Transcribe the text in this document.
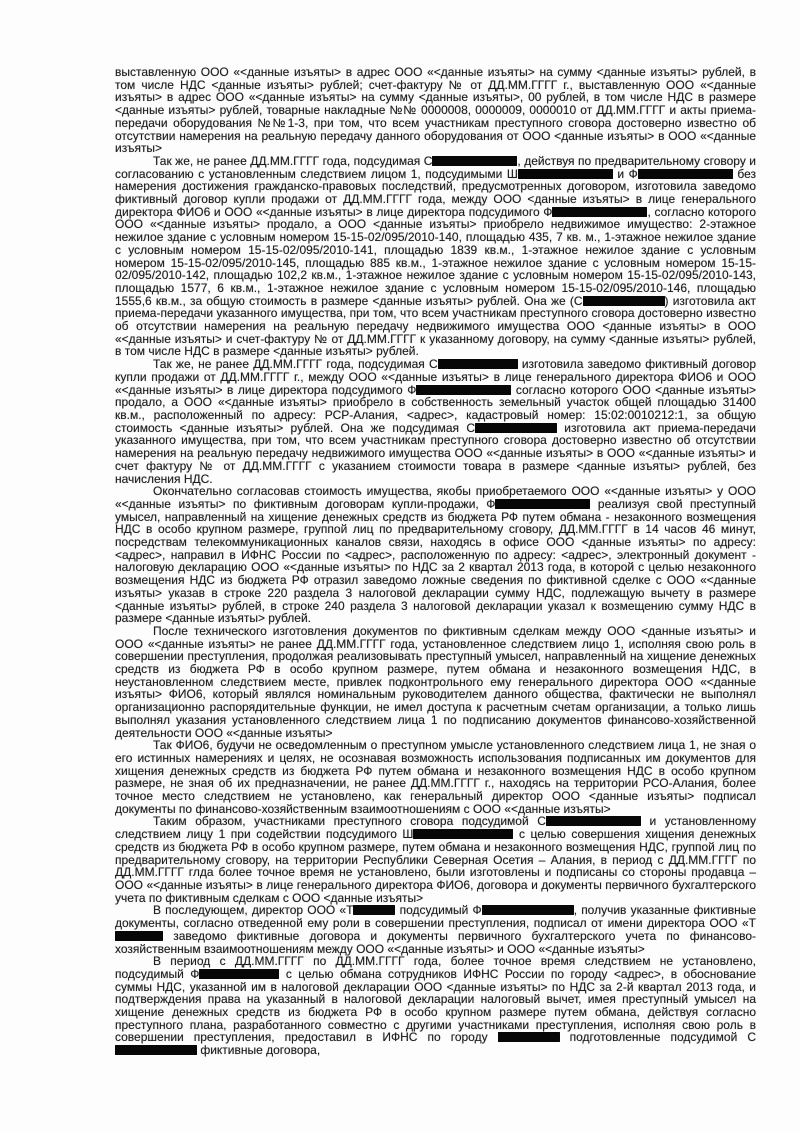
выставленную ООО «<данные изъяты> в адрес ООО «<данные изъяты> на сумму <данные изъяты> рублей, в том числе НДС <данные изъяты> рублей; счет-фактуру № от ДД.ММ.ГГГГ г., выставленную ООО «<данные изъяты> в адрес ООО «<данные изъяты> на сумму <данные изъяты>, 00 рублей, в том числе НДС в размере <данные изъяты> рублей, товарные накладные №№ 0000008, 0000009, 0000010 от ДД.ММ.ГГГГ и акты приема-передачи оборудования №№1-3, при том, что всем участникам преступного сговора достоверно известно об отсутствии намерения на реальную передачу данного оборудования от ООО <данные изъяты> в ООО «<данные изъяты>

Так же, не ранее ДД.ММ.ГГГГ года, подсудимая С	, действуя по предварительному сговору и согласованию с установленным следствием лицом 1, подсудимыми Ш	и Ф	без намерения достижения гражданско-правовых последствий, предусмотренных договором, изготовила заведомо фиктивный договор купли продажи от ДД.ММ.ГГГГ года, между ООО <данные изъяты> в лице генерального директора ФИО6 и ООО «<данные изъяты> в лице директора подсудимого Ф	, согласно которого ООО «<данные изъяты> продало, а ООО <данные изъяты> приобрело недвижимое имущество: 2-этажное нежилое здание с условным номером 15-15-02/095/2010-140, площадью 435, 7 кв. м., 1-этажное нежилое здание с условным номером 15-15-02/095/2010-141, площадью 1839 кв.м., 1-этажное нежилое здание с условным номером 15-15-02/095/2010-145, площадью 885 кв.м., 1-этажное нежилое здание с условным номером 15-15-02/095/2010-142, площадью 102,2 кв.м., 1-этажное нежилое здание с условным номером 15-15-02/095/2010-143, площадью 1577, 6 кв.м., 1-этажное нежилое здание с условным номером 15-15-02/095/2010-146, площадью 1555,6 кв.м., за общую стоимость в размере <данные изъяты> рублей. Она же (С	) изготовила акт приема-передачи указанного имущества, при том, что всем участникам преступного сговора достоверно известно об отсутствии намерения на реальную передачу недвижимого имущества ООО <данные изъяты> в ООО «<данные изъяты> и счет-фактуру № от ДД.ММ.ГГГГ к указанному договору, на сумму <данные изъяты> рублей, в том числе НДС в размере <данные изъяты> рублей.

Так же, не ранее ДД.ММ.ГГГГ года, подсудимая С	изготовила заведомо фиктивный договор купли продажи от ДД.ММ.ГГГГ г., между ООО «<данные изъяты> в лице генерального директора ФИО6 и ООО «<данные изъяты> в лице директора подсудимого Ф	согласно которого ООО <данные изъяты> продало, а ООО «<данные изъяты> приобрело в собственность земельный участок общей площадью 31400 кв.м., расположенный по адресу: РСР-Алания, <адрес>, кадастровый номер: 15:02:0010212:1, за общую стоимость <данные изъяты> рублей. Она же подсудимая С	изготовила акт приема-передачи указанного имущества, при том, что всем участникам преступного сговора достоверно известно об отсутствии намерения на реальную передачу недвижимого имущества ООО «<данные изъяты> в ООО «<данные изъяты> и счет фактуру № от ДД.ММ.ГГГГ с указанием стоимости товара в размере <данные изъяты> рублей, без начисления НДС.

Окончательно согласовав стоимость имущества, якобы приобретаемого ООО «<данные изъяты> у ООО «<данные изъяты> по фиктивным договорам купли-продажи, Ф	реализуя свой преступный умысел, направленный на хищение денежных средств из бюджета РФ путем обмана - незаконного возмещения НДС в особо крупном размере, группой лиц по предварительному сговору, ДД.ММ.ГГГГ в 14 часов 46 минут, посредствам телекоммуникационных каналов связи, находясь в офисе ООО <данные изъяты> по адресу: <адрес>, направил в ИФНС России по <адрес>, расположенную по адресу: <адрес>, электронный документ - налоговую декларацию ООО «<данные изъяты> по НДС за 2 квартал 2013 года, в которой с целью незаконного возмещения НДС из бюджета РФ отразил заведомо ложные сведения по фиктивной сделке с ООО «<данные изъяты> указав в строке 220 раздела 3 налоговой декларации сумму НДС, подлежащую вычету в размере <данные изъяты> рублей, в строке 240 раздела 3 налоговой декларации указал к возмещению сумму НДС в размере <данные изъяты> рублей.

После технического изготовления документов по фиктивным сделкам между ООО <данные изъяты> и ООО «<данные изъяты> не ранее ДД.ММ.ГГГГ года, установленное следствием лицо 1, исполняя свою роль в совершении преступления, продолжая реализовывать преступный умысел, направленный на хищение денежных средств из бюджета РФ в особо крупном размере, путем обмана и незаконного возмещения НДС, в неустановленном следствием месте, привлек подконтрольного ему генерального директора ООО «<данные изъяты> ФИО6, который являлся номинальным руководителем данного общества, фактически не выполнял организационно распорядительные функции, не имел доступа к расчетным счетам организации, а только лишь выполнял указания установленного следствием лица 1 по подписанию документов финансово-хозяйственной деятельности ООО «<данные изъяты>

Так ФИО6, будучи не осведомленным о преступном умысле установленного следствием лица 1, не зная о его истинных намерениях и целях, не осознавая возможность использования подписанных им документов для хищения денежных средств из бюджета РФ путем обмана и незаконного возмещения НДС в особо крупном размере, не зная об их предназначении, не ранее ДД.ММ.ГГГГ г., находясь на территории РСО-Алания, более точное место следствием не установлено, как генеральный директор ООО <данные изъяты> подписал документы по финансово-хозяйственным взаимоотношениям с ООО «<данные изъяты>

Таким образом, участниками преступного сговора подсудимой С	и установленному следствием лицу 1 при содействии подсудимого Ш	с целью совершения хищения денежных средств из бюджета РФ в особо крупном размере, путем обмана и незаконного возмещения НДС, группой лиц по предварительному сговору, на территории Республики Северная Осетия – Алания, в период с ДД.ММ.ГГГГ по ДД.ММ.ГГГГ глда более точное время не установлено, были изготовлены и подписаны со стороны продавца – ООО «<данные изъяты> в лице генерального директора ФИО6, договора и документы первичного бухгалтерского учета по фиктивным сделкам с ООО <данные изъяты>

В последующем, директор ООО «Т	подсудимый Ф	, получив указанные фиктивные документы, согласно отведенной ему роли в совершении преступления, подписал от имени директора ООО «Т заведомо фиктивные договора и документы первичного бухгалтерского учета по финансово-хозяйственным взаимоотношениям между ООО «<данные изъяты> и ООО «<данные изъяты>

В период с ДД.ММ.ГГГГ по ДД.ММ.ГГГГ года, более точное время следствием не установлено, подсудимый Ф	с целью обмана сотрудников ИФНС России по городу <адрес>, в обоснование суммы НДС, указанной им в налоговой декларации ООО <данные изъяты> по НДС за 2-й квартал 2013 года, и подтверждения права на указанный в налоговой декларации налоговый вычет, имея преступный умысел на хищение денежных средств из бюджета РФ в особо крупном размере путем обмана, действуя согласно преступного плана, разработанного совместно с другими участниками преступления, исполняя свою роль в совершении преступления, предоставил в ИФНС по городу	подготовленные подсудимой С фиктивные договора,
